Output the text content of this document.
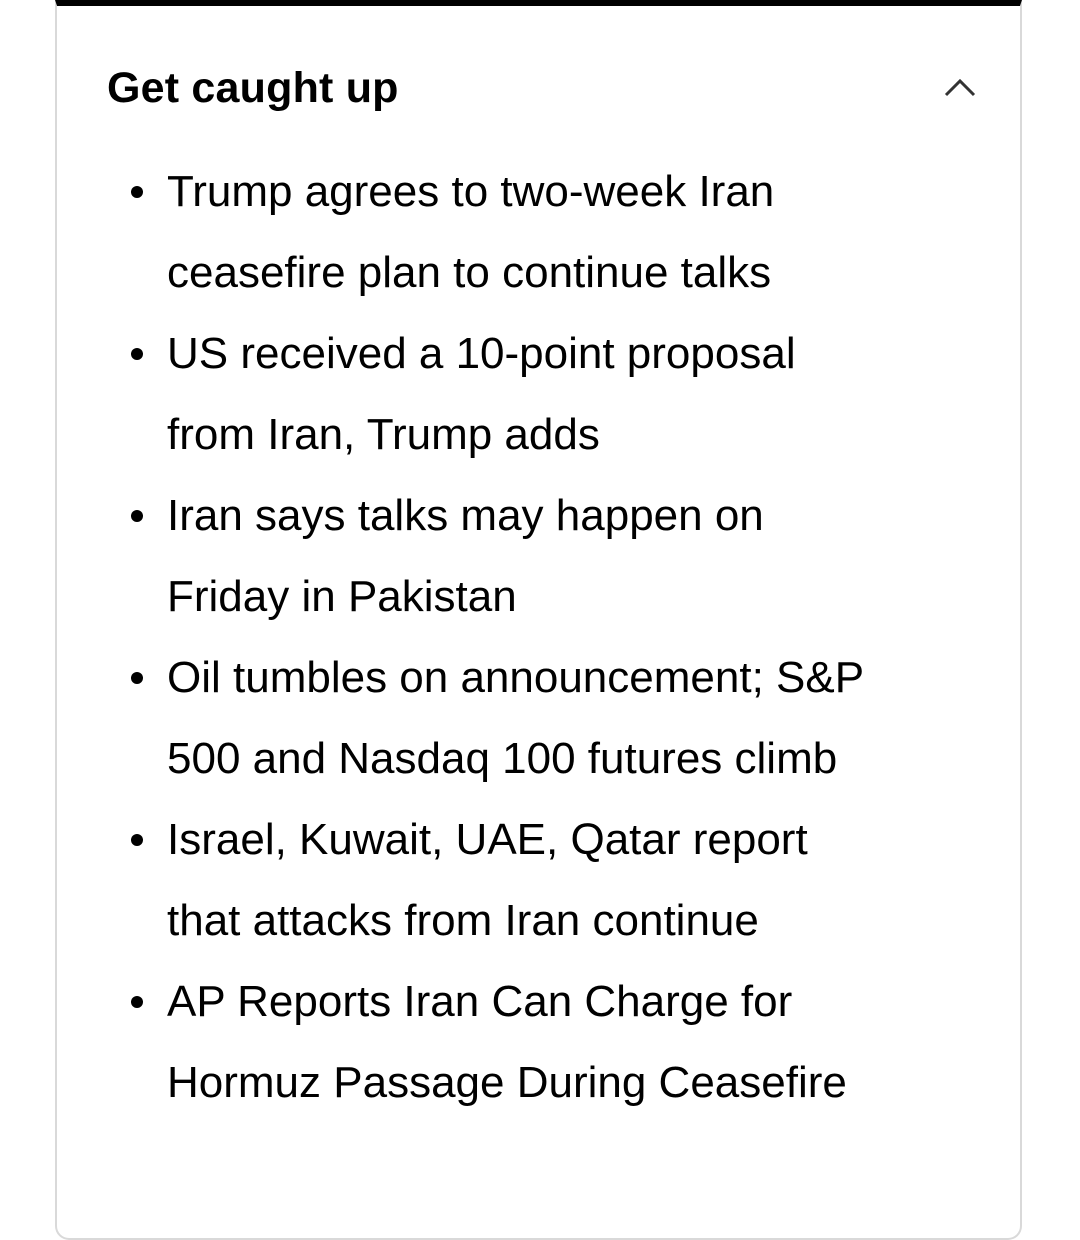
Get caught up
Trump agrees to two-week Iran
ceasefire plan to continue talks
US received a 10-point proposal
from Iran, Trump adds
Iran says talks may happen on
Friday in Pakistan
Oil tumbles on announcement; S&P
500 and Nasdaq 100 futures climb
Israel, Kuwait, UAE, Qatar report
that attacks from Iran continue
AP Reports Iran Can Charge for
Hormuz Passage During Ceasefire
